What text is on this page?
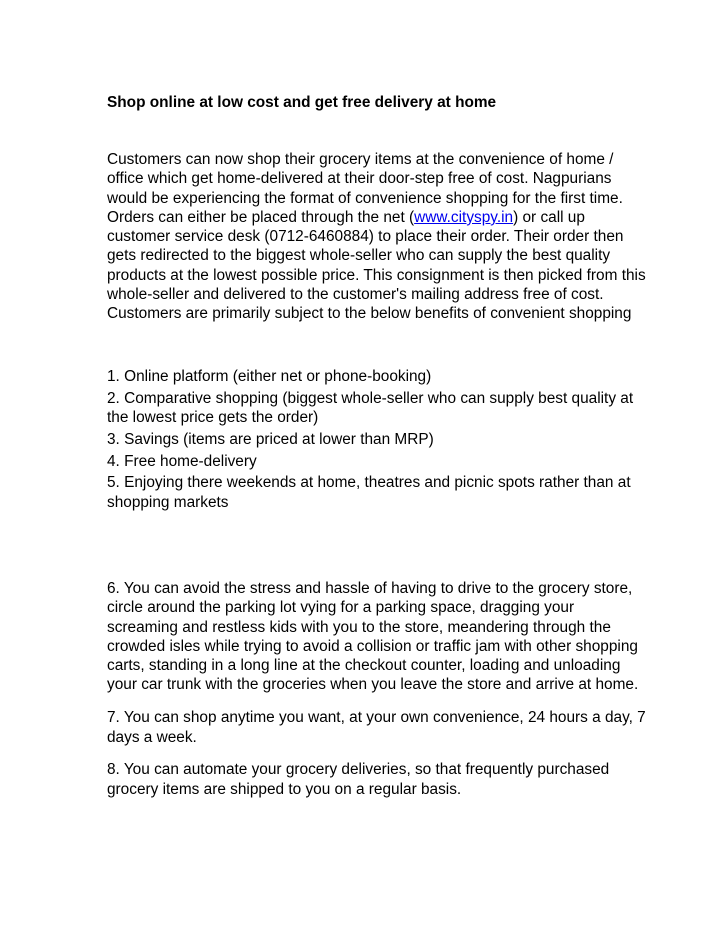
Shop online at low cost and get free delivery at home

Customers can now shop their grocery items at the convenience of home / office which get home-delivered at their door-step free of cost. Nagpurians would be experiencing the format of convenience shopping for the first time. Orders can either be placed through the net (www.cityspy.in) or call up customer service desk (0712-6460884) to place their order. Their order then gets redirected to the biggest whole-seller who can supply the best quality products at the lowest possible price. This consignment is then picked from this whole-seller and delivered to the customer's mailing address free of cost. Customers are primarily subject to the below benefits of convenient shopping

1. Online platform (either net or phone-booking)
2. Comparative shopping (biggest whole-seller who can supply best quality at the lowest price gets the order)
3. Savings (items are priced at lower than MRP)
4. Free home-delivery
5. Enjoying there weekends at home, theatres and picnic spots rather than at shopping markets
6. You can avoid the stress and hassle of having to drive to the grocery store, circle around the parking lot vying for a parking space, dragging your screaming and restless kids with you to the store, meandering through the crowded isles while trying to avoid a collision or traffic jam with other shopping carts, standing in a long line at the checkout counter, loading and unloading your car trunk with the groceries when you leave the store and arrive at home.
7. You can shop anytime you want, at your own convenience, 24 hours a day, 7 days a week.
8. You can automate your grocery deliveries, so that frequently purchased grocery items are shipped to you on a regular basis.
